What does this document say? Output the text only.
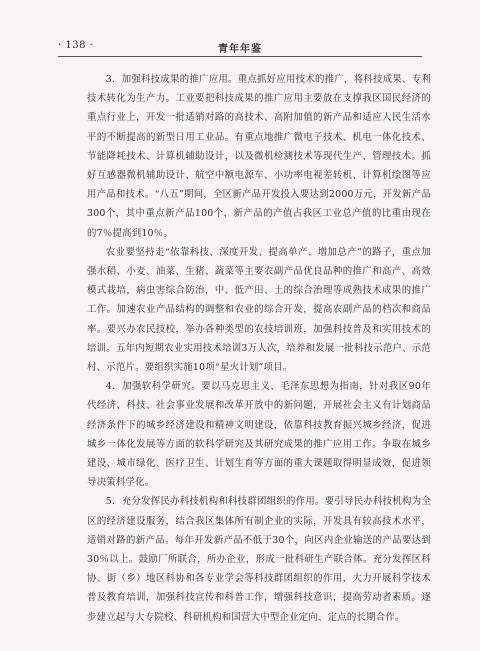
· 138 ·	青年年鉴

3．加强科技成果的推广应用。重点抓好应用技术的推广，将科技成果、专利技术转化为生产力。工业要把科技成果的推广应用主要放在支撑我区国民经济的重点行业上，开发一批适销对路的高技术、高附加值的新产品和适应人民生活水平的不断提高的新型日用工业品。有重点地推广微电子技术、机电一体化技术、节能降耗技术、计算机辅助设计，以及微机检测技术等现代生产、管理技术。抓好互感器微机辅助设计、航空中额电源车、小功率电视差转机、计算机绘图等应用产品和技术。“八五”期间，全区新产品开发投入要达到2000万元，开发新产品300个，其中重点新产品100个，新产品的产值占我区工业总产值的比重由现在的7％提高到10％。

农业要坚持走“依靠科技、深度开发、提高单产、增加总产”的路子，重点加强水稻、小麦、油菜、生猪、蔬菜等主要农副产品优良品种的推广和高产、高效模式栽培，病虫害综合防治，中、低产田、土的综合治理等成熟技术成果的推广工作。加速农业产品结构的调整和农业的综合开发，提高农副产品的档次和商品率。要兴办农民技校，举办各种类型的农技培训班，加强科技普及和实用技术的培训。五年内短期农业实用技术培训3万人次，培养和发展一批科技示范户、示范村、示范片。要组织实施10项“星火计划”项目。

4．加强软科学研究。要以马克思主义、毛泽东思想为指南，针对我区90年代经济、科技、社会事业发展和改革开放中的新问题，开展社会主义有计划商品经济条件下的城乡经济建设和精神文明建设，依靠科技教育振兴城乡经济，促进城乡一体化发展等方面的软科学研究及其研究成果的推广应用工作。争取在城乡建设、城市绿化、医疗卫生、计划生育等方面的重大课题取得明显成效，促进领导决策科学化。

5．充分发挥民办科技机构和科技群团组织的作用。要引导民办科技机构为全区的经济建设服务，结合我区集体所有制企业的实际，开发具有较高技术水平，适销对路的新产品。每年开发新产品不低于30个，向区内企业输送的产品要达到30％以上。鼓励厂所联合，所办企业，形成一批科研生产联合体。充分发挥区科协、街（乡）地区科协和各专业学会等科技群团组织的作用，大力开展科学技术普及教育培训，加强科技宣传和科普工作，增强科技意识，提高劳动者素质。逐步建立起与大专院校、科研机构和国营大中型企业定向、定点的长期合作。
